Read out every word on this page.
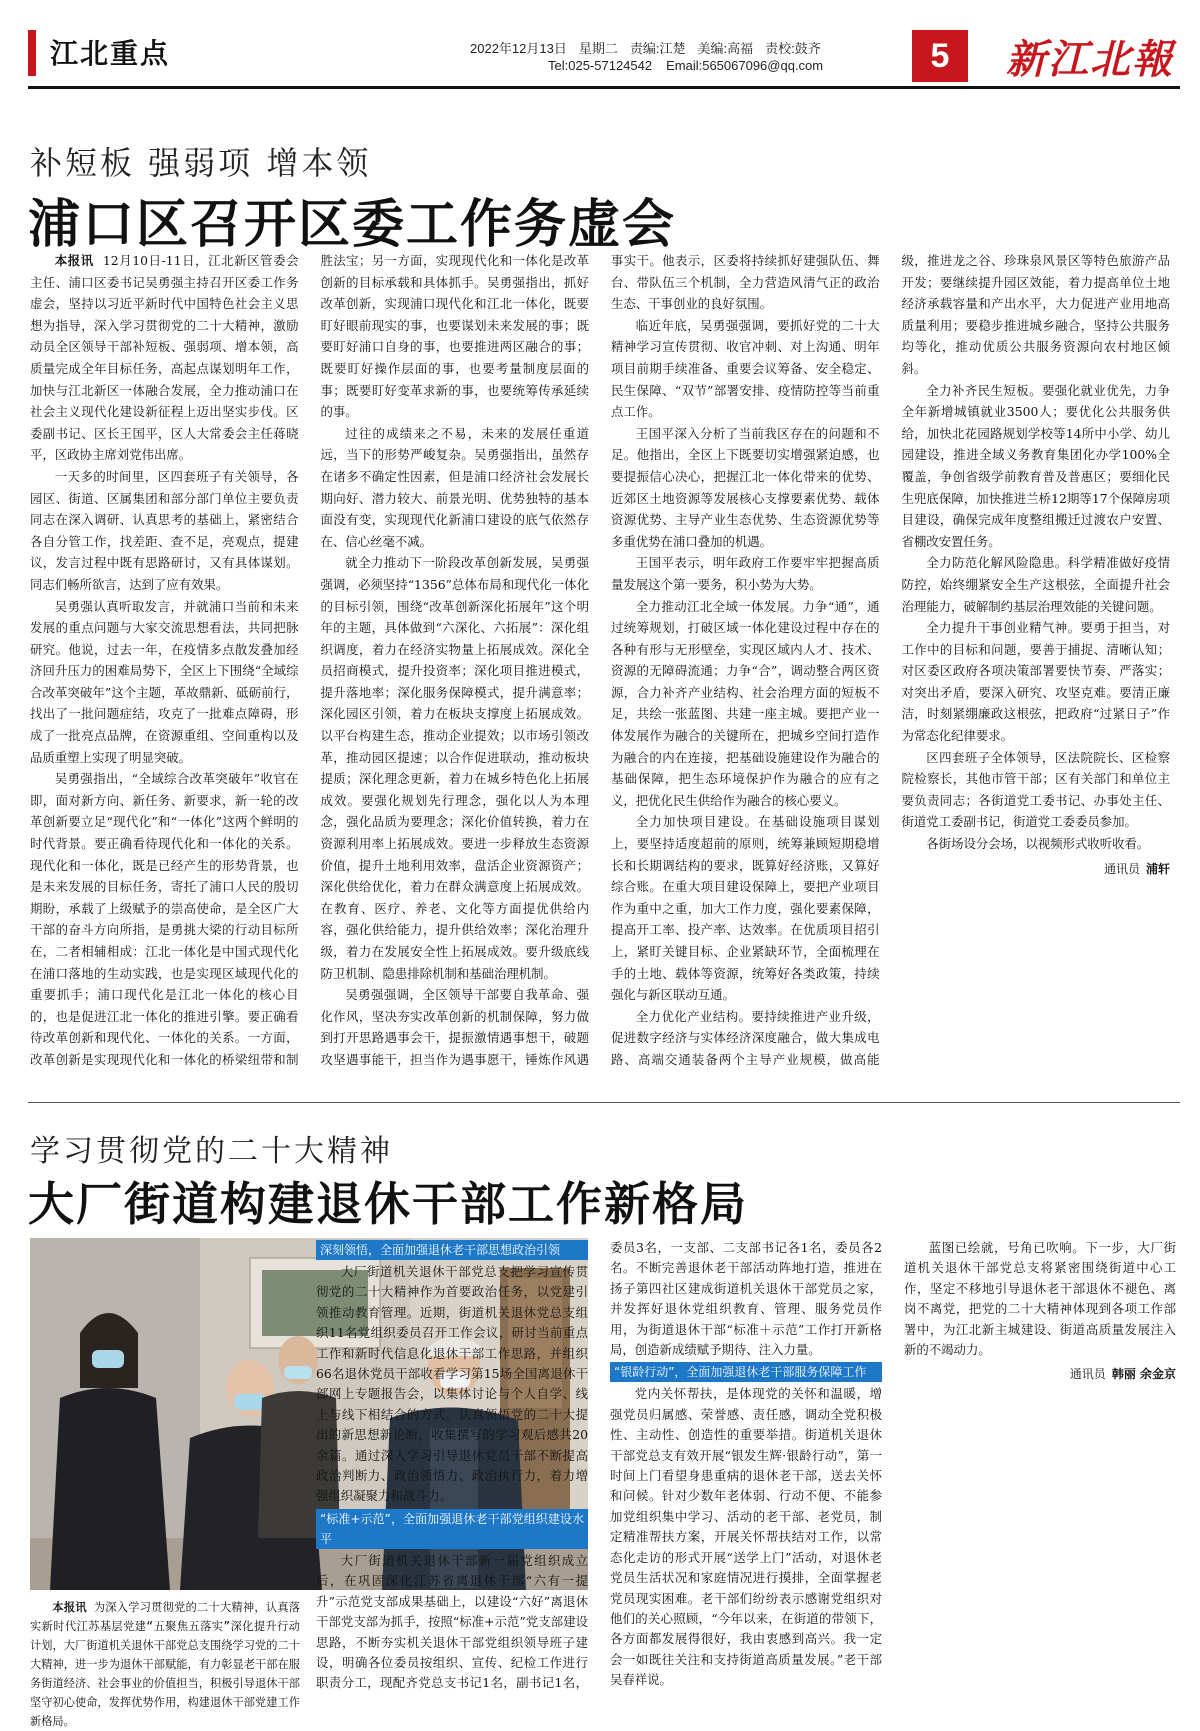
江北重点	2022年12月13日 星期二 责编:江楚 美编:高福 责校:鼓齐
Tel:025-57124542 Email:565067096@qq.com	5	新江北報
补短板 强弱项 增本领
浦口区召开区委工作务虚会

本报讯 12月10日-11日，江北新区管委会主任、浦口区委书记吴勇强主持召开区委工作务虚会，坚持以习近平新时代中国特色社会主义思想为指导，深入学习贯彻党的二十大精神，激励动员全区领导干部补短板、强弱项、增本领，高质量完成全年目标任务，高起点谋划明年工作，加快与江北新区一体融合发展，全力推动浦口在社会主义现代化建设新征程上迈出坚实步伐。区委副书记、区长王国平，区人大常委会主任蒋晓平，区政协主席刘党伟出席。

一天多的时间里，区四套班子有关领导，各园区、街道、区属集团和部分部门单位主要负责同志在深入调研、认真思考的基础上，紧密结合各自分管工作，找差距、查不足，亮观点，提建议，发言过程中既有思路研讨，又有具体谋划。同志们畅所欲言，达到了应有效果。

吴勇强认真听取发言，并就浦口当前和未来发展的重点问题与大家交流思想看法，共同把脉研究。他说，过去一年，在疫情多点散发叠加经济回升压力的困难局势下，全区上下围绕“全域综合改革突破年”这个主题，革故鼎新、砥砺前行，找出了一批问题症结，攻克了一批难点障碍，形成了一批亮点品牌，在资源重组、空间重构以及品质重塑上实现了明显突破。

吴勇强指出，“全域综合改革突破年”收官在即，面对新方向、新任务、新要求，新一轮的改革创新要立足“现代化”和“一体化”这两个鲜明的时代背景。要正确看待现代化和一体化的关系。现代化和一体化，既是已经产生的形势背景，也是未来发展的目标任务，寄托了浦口人民的殷切期盼，承载了上级赋予的崇高使命，是全区广大干部的奋斗方向所指，是勇挑大梁的行动目标所在，二者相辅相成：江北一体化是中国式现代化在浦口落地的生动实践，也是实现区域现代化的重要抓手；浦口现代化是江北一体化的核心目的，也是促进江北一体化的推进引擎。要正确看待改革创新和现代化、一体化的关系。一方面，改革创新是实现现代化和一体化的桥梁纽带和制胜法宝；另一方面，实现现代化和一体化是改革创新的目标承载和具体抓手。吴勇强指出，抓好改革创新，实现浦口现代化和江北一体化，既要盯好眼前现实的事，也要谋划未来发展的事；既要盯好浦口自身的事，也要推进两区融合的事；既要盯好操作层面的事，也要考量制度层面的事；既要盯好变革求新的事，也要统筹传承延续的事。

过往的成绩来之不易，未来的发展任重道远，当下的形势严峻复杂。吴勇强指出，虽然存在诸多不确定性因素，但是浦口经济社会发展长期向好、潜力较大、前景光明、优势独特的基本面没有变，实现现代化新浦口建设的底气依然存在、信心丝毫不减。

就全力推动下一阶段改革创新发展，吴勇强强调，必须坚持“1356”总体布局和现代化一体化的目标引领，围绕“改革创新深化拓展年”这个明年的主题，具体做到“六深化、六拓展”：深化组织调度，着力在经济实物量上拓展成效。深化全员招商模式，提升投资率；深化项目推进模式，提升落地率；深化服务保障模式，提升满意率；深化园区引领，着力在板块支撑度上拓展成效。以平台构建生态，推动企业提效；以市场引领改革，推动园区提速；以合作促进联动，推动板块提质；深化理念更新，着力在城乡特色化上拓展成效。要强化规划先行理念，强化以人为本理念，强化品质为要理念；深化价值转换，着力在资源利用率上拓展成效。要进一步释放生态资源价值，提升土地利用效率，盘活企业资源资产；深化供给优化，着力在群众满意度上拓展成效。在教育、医疗、养老、文化等方面提优供给内容，强化供给能力，提升供给效率；深化治理升级，着力在发展安全性上拓展成效。要升级底线防卫机制、隐患排除机制和基础治理机制。

吴勇强强调，全区领导干部要自我革命、强化作风，坚决夯实改革创新的机制保障，努力做到打开思路遇事会干，提振激情遇事想干，破题攻坚遇事能干，担当作为遇事愿干，锤炼作风遇事实干。他表示，区委将持续抓好建强队伍、舞台、带队伍三个机制，全力营造风清气正的政治生态、干事创业的良好氛围。

临近年底，吴勇强强调，要抓好党的二十大精神学习宣传贯彻、收官冲刺、对上沟通、明年项目前期手续准备、重要会议筹备、安全稳定、民生保障、“双节”部署安排、疫情防控等当前重点工作。

王国平深入分析了当前我区存在的问题和不足。他指出，全区上下既要切实增强紧迫感，也要提振信心决心，把握江北一体化带来的优势、近郊区土地资源等发展核心支撑要素优势、载体资源优势、主导产业生态优势、生态资源优势等多重优势在浦口叠加的机遇。

王国平表示，明年政府工作要牢牢把握高质量发展这个第一要务，积小势为大势。

全力推动江北全域一体发展。力争“通”，通过统筹规划，打破区域一体化建设过程中存在的各种有形与无形壁垒，实现区域内人才、技术、资源的无障碍流通；力争“合”，调动整合两区资源，合力补齐产业结构、社会治理方面的短板不足，共绘一张蓝图、共建一座主城。要把产业一体发展作为融合的关键所在，把城乡空间打造作为融合的内在连接，把基础设施建设作为融合的基础保障，把生态环境保护作为融合的应有之义，把优化民生供给作为融合的核心要义。

全力加快项目建设。在基础设施项目谋划上，要坚持适度超前的原则，统筹兼顾短期稳增长和长期调结构的要求，既算好经济账，又算好综合账。在重大项目建设保障上，要把产业项目作为重中之重，加大工作力度，强化要素保障，提高开工率、投产率、达效率。在优质项目招引上，紧盯关键目标、企业紧缺环节，全面梳理在手的土地、载体等资源，统筹好各类政策，持续强化与新区联动互通。

全力优化产业结构。要持续推进产业升级，促进数字经济与实体经济深度融合，做大集成电路、高端交通装备两个主导产业规模，做高能级，推进龙之谷、珍珠泉风景区等特色旅游产品开发；要继续提升园区效能，着力提高单位土地经济承载容量和产出水平，大力促进产业用地高质量利用；要稳步推进城乡融合，坚持公共服务均等化，推动优质公共服务资源向农村地区倾斜。

全力补齐民生短板。要强化就业优先，力争全年新增城镇就业3500人；要优化公共服务供给，加快北花园路规划学校等14所中小学、幼儿园建设，推进全域义务教育集团化办学100%全覆盖，争创省级学前教育普及普惠区；要细化民生兜底保障，加快推进兰桥12期等17个保障房项目建设，确保完成年度整组搬迁过渡农户安置、省棚改安置任务。

全力防范化解风险隐患。科学精准做好疫情防控，始终绷紧安全生产这根弦，全面提升社会治理能力，破解制约基层治理效能的关键问题。

全力提升干事创业精气神。要勇于担当，对工作中的目标和问题，要善于捕捉、清晰认知；对区委区政府各项决策部署要快节奏、严落实；对突出矛盾，要深入研究、攻坚克难。要清正廉洁，时刻紧绷廉政这根弦，把政府“过紧日子”作为常态化纪律要求。

区四套班子全体领导，区法院院长、区检察院检察长，其他市管干部；区有关部门和单位主要负责同志；各街道党工委书记、办事处主任、街道党工委副书记，街道党工委委员参加。

各街场设分会场，以视频形式收听收看。

通讯员 浦轩
学习贯彻党的二十大精神
大厂街道构建退休干部工作新格局

本报讯 为深入学习贯彻党的二十大精神，认真落实新时代江苏基层党建“五聚焦五落实”深化提升行动计划，大厂街道机关退休干部党总支围绕学习党的二十大精神，进一步为退休干部赋能，有力彰显老干部在服务街道经济、社会事业的价值担当，积极引导退休干部坚守初心使命，发挥优势作用，构建退休干部党建工作新格局。

深刻领悟，全面加强退休老干部思想政治引领

大厂街道机关退休干部党总支把学习宣传贯彻党的二十大精神作为首要政治任务，以党建引领推动教育管理。近期，街道机关退休党总支组织11名党组织委员召开工作会议，研讨当前重点工作和新时代信息化退休干部工作思路，并组织66名退休党员干部收看学习第15场全国离退休干部网上专题报告会，以集体讨论与个人自学、线上与线下相结合的方式，认真领悟党的二十大提出的新思想新论断，收集撰写的学习观后感共20余篇。通过深入学习引导退休党员干部不断提高政治判断力、政治领悟力、政治执行力，着力增强组织凝聚力和战斗力。

“标准+示范”，全面加强退休老干部党组织建设水平

大厂街道机关退休干部新一届党组织成立后，在巩固深化江苏省离退休干部“六有一提升”示范党支部成果基础上，以建设“六好”离退休干部党支部为抓手，按照“标准+示范”党支部建设思路，不断夯实机关退休干部党组织领导班子建设，明确各位委员按组织、宣传、纪检工作进行职责分工，现配齐党总支书记1名，副书记1名，委员3名，一支部、二支部书记各1名，委员各2名。不断完善退休老干部活动阵地打造，推进在扬子第四社区建成街道机关退休干部党员之家，并发挥好退休党组织教育、管理、服务党员作用，为街道退休干部“标准＋示范”工作打开新格局，创造新成绩赋予期待、注入力量。

“银龄行动”，全面加强退休老干部服务保障工作

党内关怀帮扶，是体现党的关怀和温暖，增强党员归属感、荣誉感、责任感，调动全党积极性、主动性、创造性的重要举措。街道机关退休干部党总支有效开展“银发生辉·银龄行动”，第一时间上门看望身患重病的退休老干部，送去关怀和问候。针对少数年老体弱、行动不便、不能参加党组织集中学习、活动的老干部、老党员，制定精准帮扶方案，开展关怀帮扶结对工作，以常态化走访的形式开展“送学上门”活动，对退休老党员生活状况和家庭情况进行摸排，全面掌握老党员现实困难。老干部们纷纷表示感谢党组织对他们的关心照顾，“今年以来，在街道的带领下，各方面都发展得很好，我由衷感到高兴。我一定会一如既往关注和支持街道高质量发展。”老干部吴春祥说。

蓝图已绘就，号角已吹响。下一步，大厂街道机关退休干部党总支将紧密围绕街道中心工作，坚定不移地引导退休老干部退休不褪色、离岗不离党，把党的二十大精神体现到各项工作部署中，为江北新主城建设、街道高质量发展注入新的不竭动力。

通讯员 韩丽 余金京
